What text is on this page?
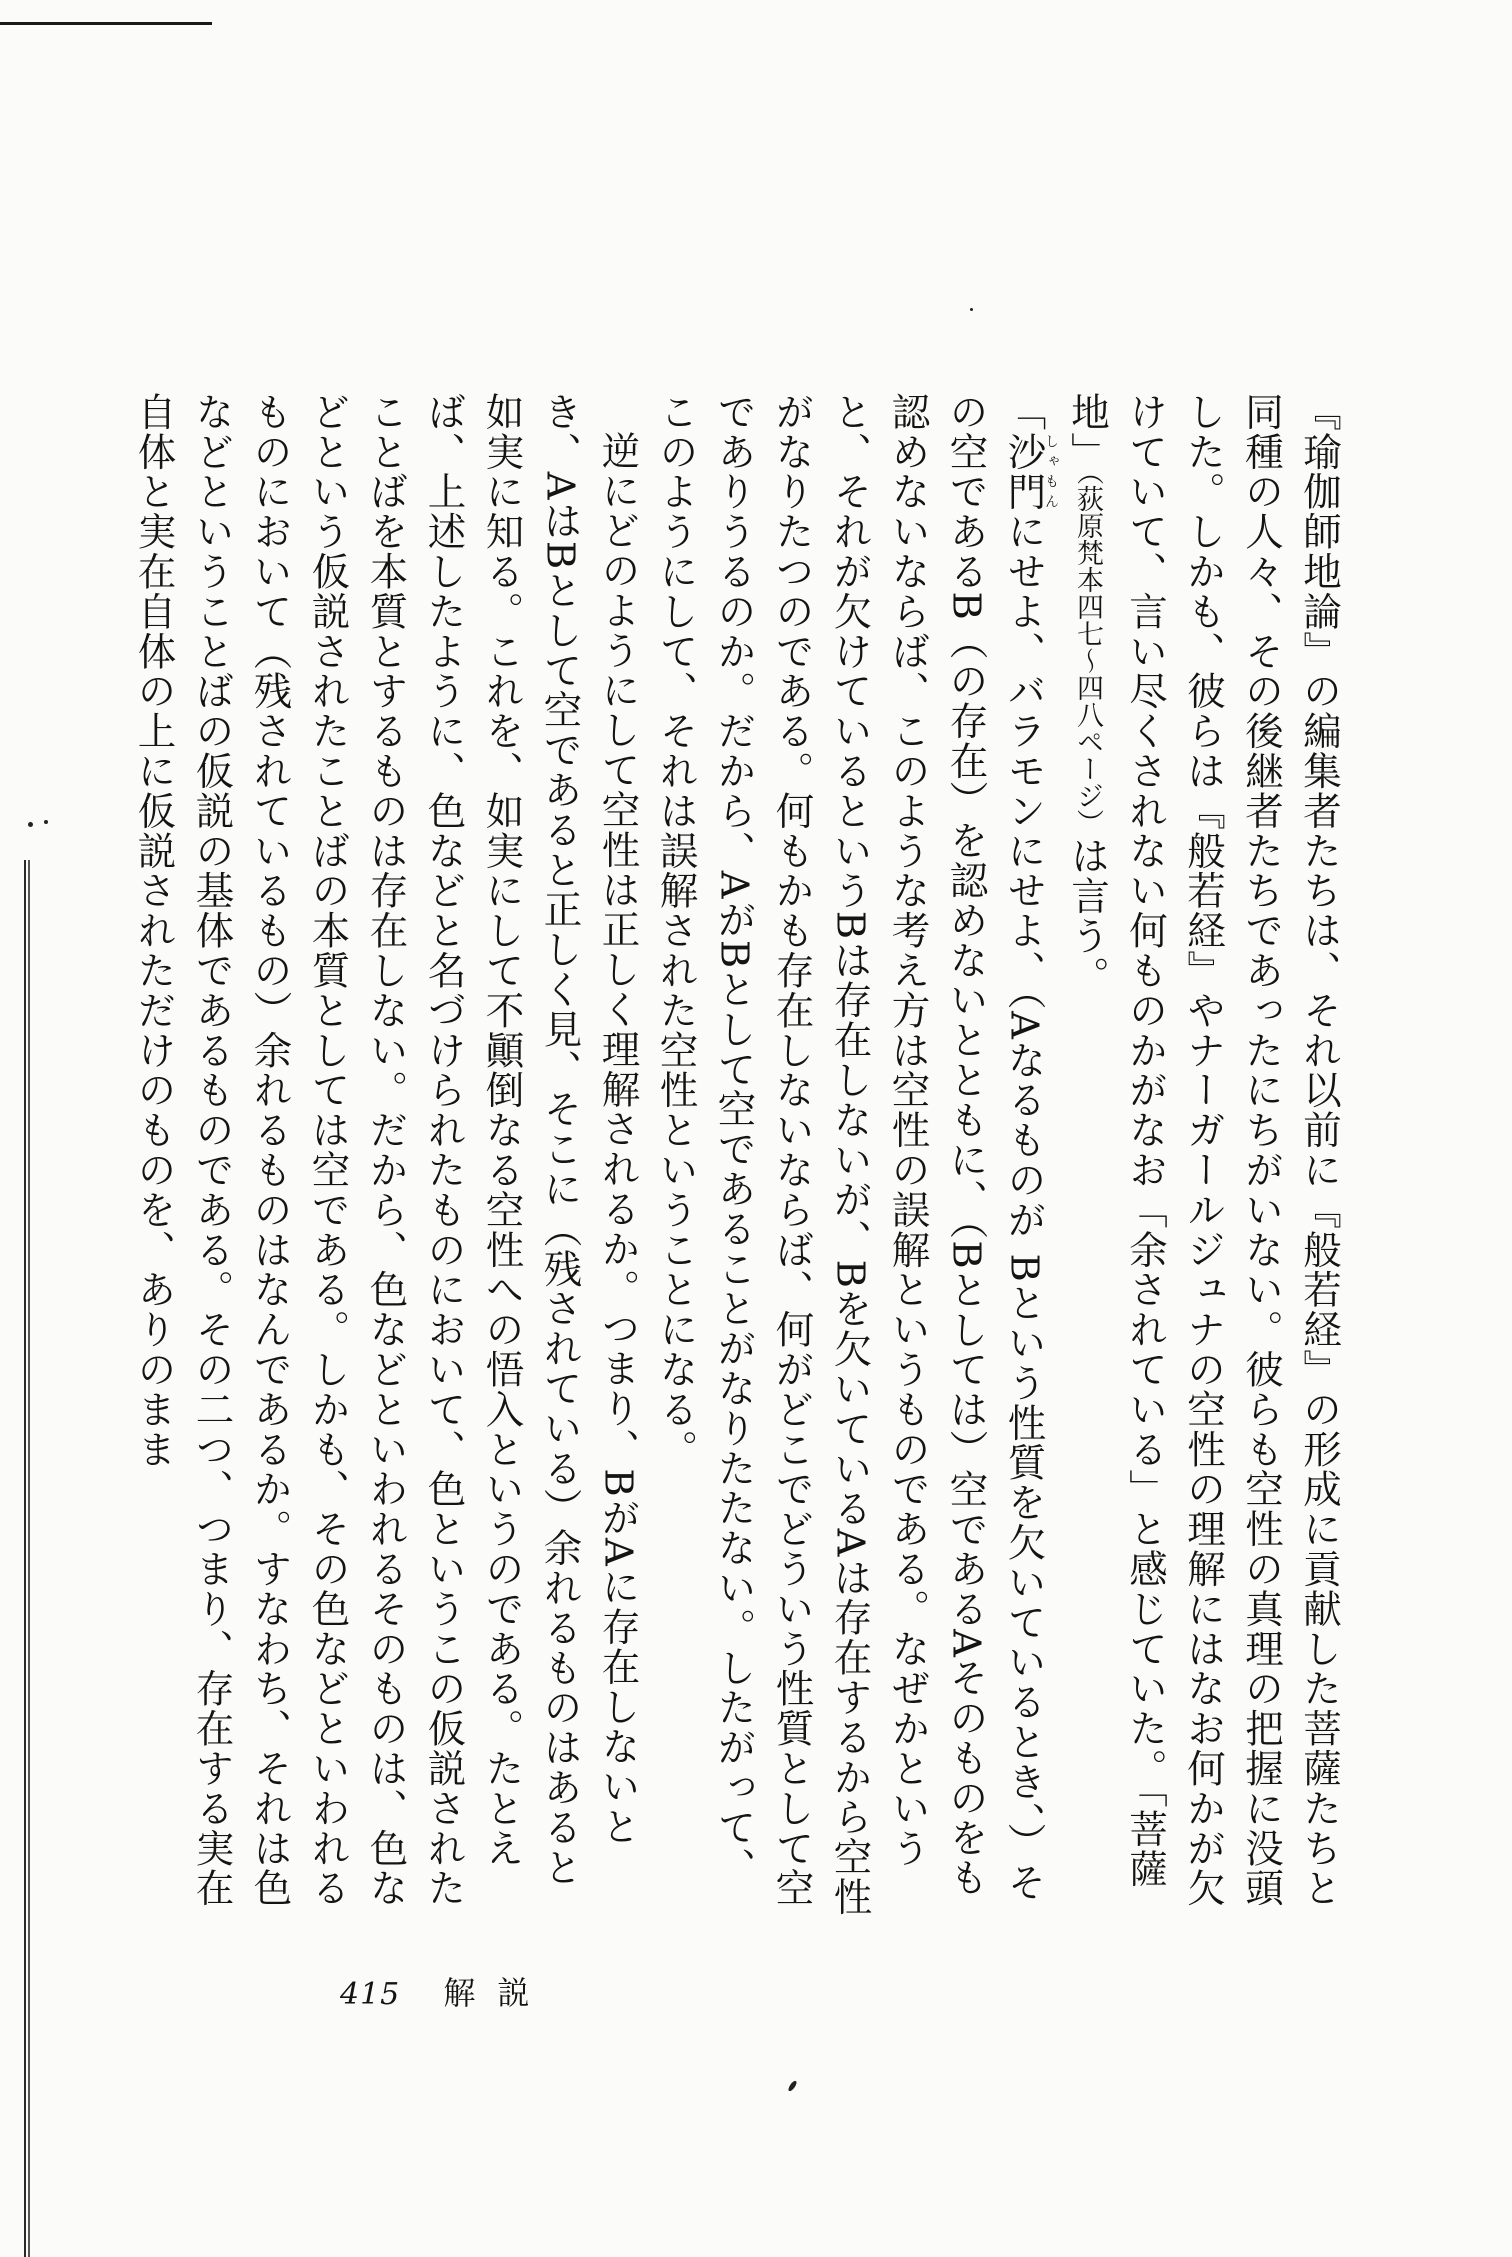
『瑜伽師地論』の編集者たちは、それ以前に『般若経』の形成に貢献した菩薩たちと同種の人々、その後継者たちであったにちがいない。彼らも空性の真理の把握に没頭した。しかも、彼らは『般若経』やナーガールジュナの空性の理解にはなお何かが欠けていて、言い尽くされない何ものかがなお「余されている」と感じていた。「菩薩地」（荻原梵本四七～四八ページ）は言う。

「沙門しゃもんにせよ、バラモンにせよ、（Aなるものが Bという性質を欠いているとき、）その空であるB（の存在）を認めないとともに、（Bとしては）空であるAそのものをも認めないならば、このような考え方は空性の誤解というものである。なぜかというと、それが欠けているというBは存在しないが、Bを欠いているAは存在するから空性がなりたつのである。何もかも存在しないならば、何がどこでどういう性質として空でありうるのか。だから、AがBとして空であることがなりたたない。したがって、このようにして、それは誤解された空性ということになる。

逆にどのようにして空性は正しく理解されるか。つまり、BがAに存在しないとき、AはBとして空であると正しく見、そこに（残されている）余れるものはあると如実に知る。これを、如実にして不顚倒なる空性への悟入というのである。たとえば、上述したように、色などと名づけられたものにおいて、色というこの仮説されたことばを本質とするものは存在しない。だから、色などといわれるそのものは、色などという仮説されたことばの本質としては空である。しかも、その色などといわれるものにおいて（残されているもの）余れるものはなんであるか。すなわち、それは色などということばの仮説の基体であるものである。その二つ、つまり、存在する実在自体と実在自体の上に仮説されただけのものを、ありのまま

415 解説
